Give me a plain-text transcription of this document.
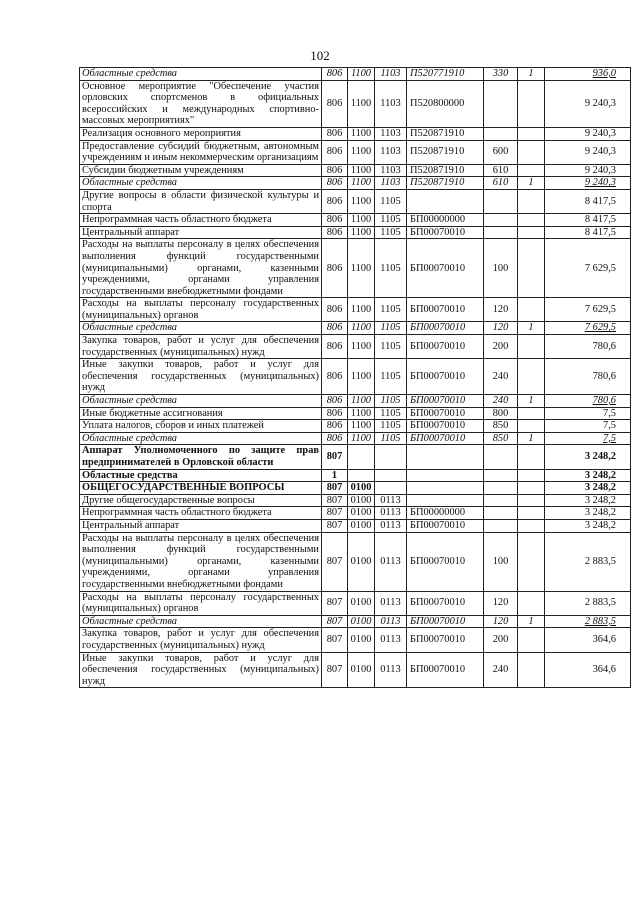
102
Областные средства	806	1100	1103	П520771910	330	1	936,0
Основное мероприятие "Обеспечение участия орловских спортсменов в официальных всероссийских и международных спортивно-массовых мероприятиях"	806	1100	1103	П520800000			9 240,3
Реализация основного мероприятия	806	1100	1103	П520871910			9 240,3
Предоставление субсидий бюджетным, автономным учреждениям и иным некоммерческим организациям	806	1100	1103	П520871910	600		9 240,3
Субсидии бюджетным учреждениям	806	1100	1103	П520871910	610		9 240,3
Областные средства	806	1100	1103	П520871910	610	1	9 240,3
Другие вопросы в области физической культуры и спорта	806	1100	1105				8 417,5
Непрограммная часть областного бюджета	806	1100	1105	БП00000000			8 417,5
Центральный аппарат	806	1100	1105	БП00070010			8 417,5
Расходы на выплаты персоналу в целях обеспечения выполнения функций государственными (муниципальными) органами, казенными учреждениями, органами управления государственными внебюджетными фондами	806	1100	1105	БП00070010	100		7 629,5
Расходы на выплаты персоналу государственных (муниципальных) органов	806	1100	1105	БП00070010	120		7 629,5
Областные средства	806	1100	1105	БП00070010	120	1	7 629,5
Закупка товаров, работ и услуг для обеспечения государственных (муниципальных) нужд	806	1100	1105	БП00070010	200		780,6
Иные закупки товаров, работ и услуг для обеспечения государственных (муниципальных) нужд	806	1100	1105	БП00070010	240		780,6
Областные средства	806	1100	1105	БП00070010	240	1	780,6
Иные бюджетные ассигнования	806	1100	1105	БП00070010	800		7,5
Уплата налогов, сборов и иных платежей	806	1100	1105	БП00070010	850		7,5
Областные средства	806	1100	1105	БП00070010	850	1	7,5
Аппарат Уполномоченного по защите прав предпринимателей в Орловской области	807						3 248,2
Областные средства	1						3 248,2
ОБЩЕГОСУДАРСТВЕННЫЕ ВОПРОСЫ	807	0100					3 248,2
Другие общегосударственные вопросы	807	0100	0113				3 248,2
Непрограммная часть областного бюджета	807	0100	0113	БП00000000			3 248,2
Центральный аппарат	807	0100	0113	БП00070010			3 248,2
Расходы на выплаты персоналу в целях обеспечения выполнения функций государственными (муниципальными) органами, казенными учреждениями, органами управления государственными внебюджетными фондами	807	0100	0113	БП00070010	100		2 883,5
Расходы на выплаты персоналу государственных (муниципальных) органов	807	0100	0113	БП00070010	120		2 883,5
Областные средства	807	0100	0113	БП00070010	120	1	2 883,5
Закупка товаров, работ и услуг для обеспечения государственных (муниципальных) нужд	807	0100	0113	БП00070010	200		364,6
Иные закупки товаров, работ и услуг для обеспечения государственных (муниципальных) нужд	807	0100	0113	БП00070010	240		364,6
